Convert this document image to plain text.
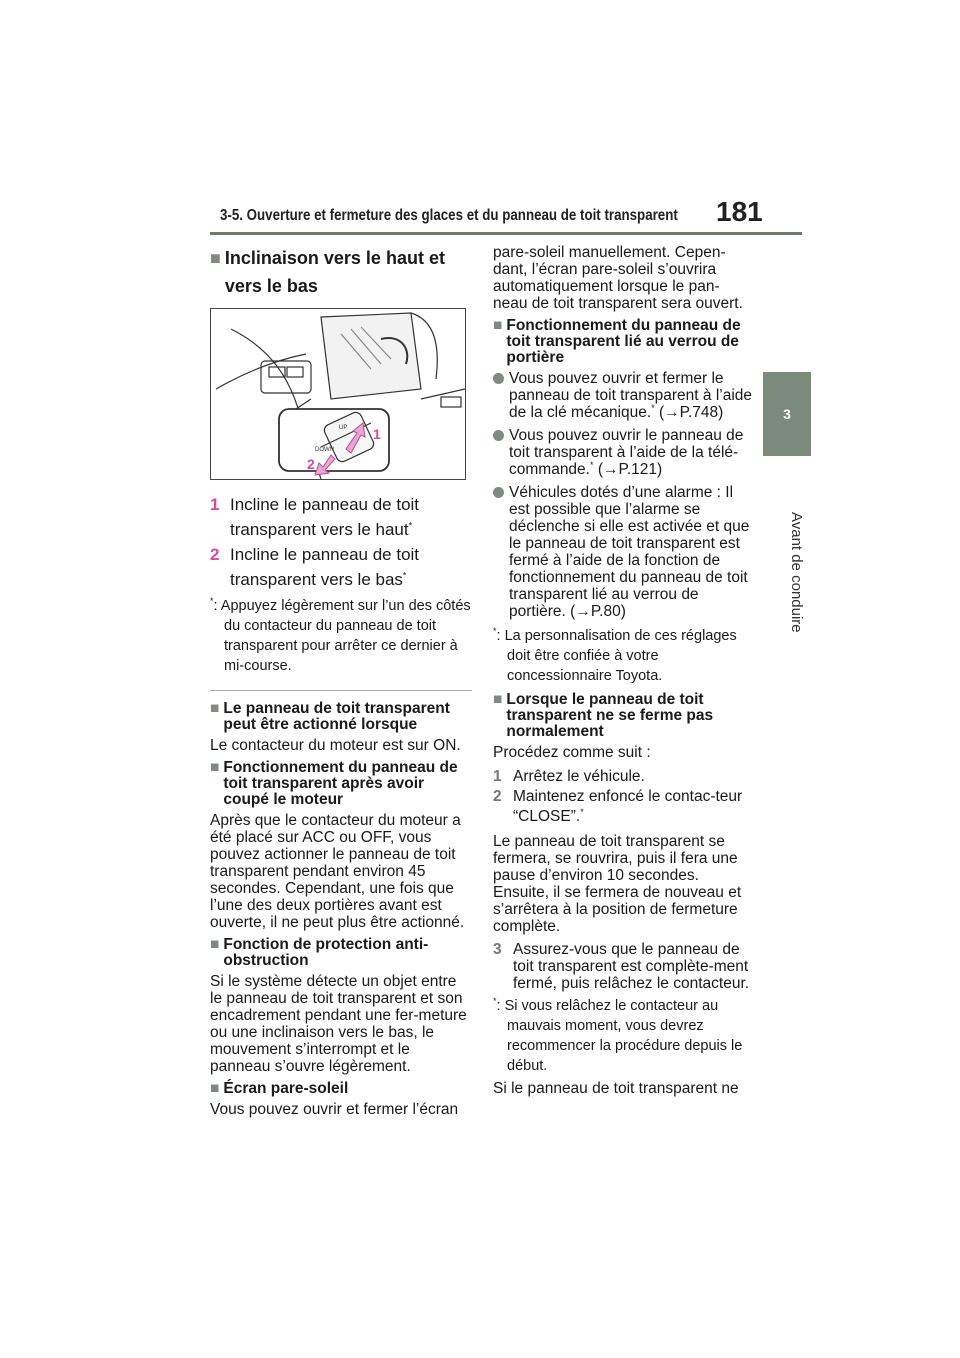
3-5. Ouverture et fermeture des glaces et du panneau de toit transparent 181
3
Avant de conduire
■ Inclinaison vers le haut et vers le bas
UP
DOWN
1
2
1 Incline le panneau de toit transparent vers le haut*
2 Incline le panneau de toit transparent vers le bas*
*: Appuyez légèrement sur l’un des côtés du contacteur du panneau de toit transparent pour arrêter ce dernier à mi-course.
■ Le panneau de toit transparent peut être actionné lorsque

Le contacteur du moteur est sur ON.

■ Fonctionnement du panneau de toit transparent après avoir coupé le moteur

Après que le contacteur du moteur a été placé sur ACC ou OFF, vous pouvez actionner le panneau de toit transparent pendant environ 45 secondes. Cependant, une fois que l’une des deux portières avant est ouverte, il ne peut plus être actionné.

■ Fonction de protection anti-obstruction

Si le système détecte un objet entre le panneau de toit transparent et son encadrement pendant une fer-meture ou une inclinaison vers le bas, le mouvement s’interrompt et le panneau s’ouvre légèrement.

■ Écran pare-soleil

Vous pouvez ouvrir et fermer l’écran

pare-soleil manuellement. Cepen-dant, l’écran pare-soleil s’ouvrira automatiquement lorsque le pan-neau de toit transparent sera ouvert.

■ Fonctionnement du panneau de toit transparent lié au verrou de portière
Vous pouvez ouvrir et fermer le panneau de toit transparent à l’aide de la clé mécanique.* (→P.748)
Vous pouvez ouvrir le panneau de toit transparent à l’aide de la télé-commande.* (→P.121)
Véhicules dotés d’une alarme : Il est possible que l’alarme se déclenche si elle est activée et que le panneau de toit transparent est fermé à l’aide de la fonction de fonctionnement du panneau de toit transparent lié au verrou de portière. (→P.80)
*: La personnalisation de ces réglages doit être confiée à votre concessionnaire Toyota.
■ Lorsque le panneau de toit transparent ne se ferme pas normalement

Procédez comme suit :

1 Arrêtez le véhicule.
2 Maintenez enfoncé le contac-teur “CLOSE”.*

Le panneau de toit transparent se fermera, se rouvrira, puis il fera une pause d’environ 10 secondes. Ensuite, il se fermera de nouveau et s’arrêtera à la position de fermeture complète.

3 Assurez-vous que le panneau de toit transparent est complète-ment fermé, puis relâchez le contacteur.
*: Si vous relâchez le contacteur au mauvais moment, vous devrez recommencer la procédure depuis le début.

Si le panneau de toit transparent ne
